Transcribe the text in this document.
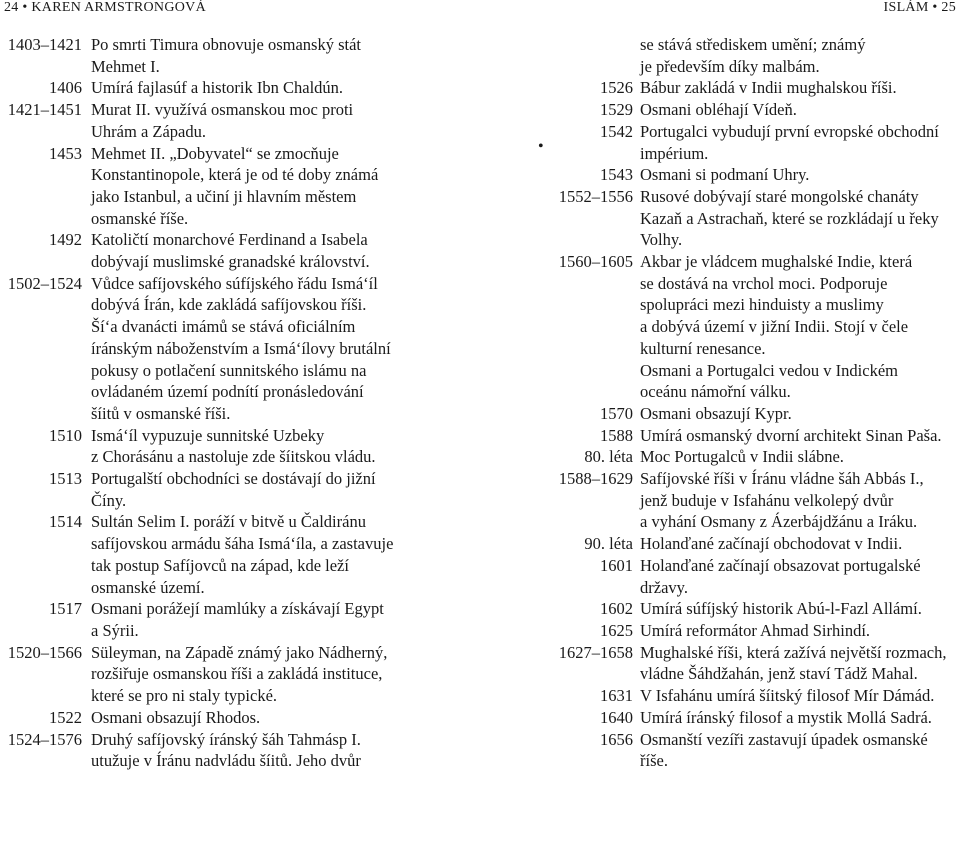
24 • KAREN ARMSTRONGOVÁ	ISLÁM • 25
•
1403–1421 Po smrti Timura obnovuje osmanský stát
Mehmet I.
1406 Umírá fajlasúf a historik Ibn Chaldún.
1421–1451 Murat II. využívá osmanskou moc proti
Uhrám a Západu.
1453 Mehmet II. „Dobyvatel“ se zmocňuje
Konstantinopole, která je od té doby známá
jako Istanbul, a učiní ji hlavním městem
osmanské říše.
1492 Katoličtí monarchové Ferdinand a Isabela
dobývají muslimské granadské království.
1502–1524 Vůdce safíjovského súfíjského řádu Ismá‘íl
dobývá Írán, kde zakládá safíjovskou říši.
Ší‘a dvanácti imámů se stává oficiálním
íránským náboženstvím a Ismá‘ílovy brutální
pokusy o potlačení sunnitského islámu na
ovládaném území podnítí pronásledování
šíitů v osmanské říši.
1510 Ismá‘íl vypuzuje sunnitské Uzbeky
z Chorásánu a nastoluje zde šíitskou vládu.
1513 Portugalští obchodníci se dostávají do jižní
Číny.
1514 Sultán Selim I. poráží v bitvě u Čaldiránu
safíjovskou armádu šáha Ismá‘íla, a zastavuje
tak postup Safíjovců na západ, kde leží
osmanské území.
1517 Osmani porážejí mamlúky a získávají Egypt
a Sýrii.
1520–1566 Süleyman, na Západě známý jako Nádherný,
rozšiřuje osmanskou říši a zakládá instituce,
které se pro ni staly typické.
1522 Osmani obsazují Rhodos.
1524–1576 Druhý safíjovský íránský šáh Tahmásp I.
utužuje v Íránu nadvládu šíitů. Jeho dvůr
se stává střediskem umění; známý
je především díky malbám.
1526 Bábur zakládá v Indii mughalskou říši.
1529 Osmani obléhají Vídeň.
1542 Portugalci vybudují první evropské obchodní
impérium.
1543 Osmani si podmaní Uhry.
1552–1556 Rusové dobývají staré mongolské chanáty
Kazaň a Astrachaň, které se rozkládají u řeky
Volhy.
1560–1605 Akbar je vládcem mughalské Indie, která
se dostává na vrchol moci. Podporuje
spolupráci mezi hinduisty a muslimy
a dobývá území v jižní Indii. Stojí v čele
kulturní renesance.
Osmani a Portugalci vedou v Indickém
oceánu námořní válku.
1570 Osmani obsazují Kypr.
1588 Umírá osmanský dvorní architekt Sinan Paša.
80. léta Moc Portugalců v Indii slábne.
1588–1629 Safíjovské říši v Íránu vládne šáh Abbás I.,
jenž buduje v Isfahánu velkolepý dvůr
a vyhání Osmany z Ázerbájdžánu a Iráku.
90. léta Holanďané začínají obchodovat v Indii.
1601 Holanďané začínají obsazovat portugalské
državy.
1602 Umírá súfíjský historik Abú-l-Fazl Allámí.
1625 Umírá reformátor Ahmad Sirhindí.
1627–1658 Mughalské říši, která zažívá největší rozmach,
vládne Šáhdžahán, jenž staví Tádž Mahal.
1631 V Isfahánu umírá šíitský filosof Mír Dámád.
1640 Umírá íránský filosof a mystik Mollá Sadrá.
1656 Osmanští vezíři zastavují úpadek osmanské
říše.
